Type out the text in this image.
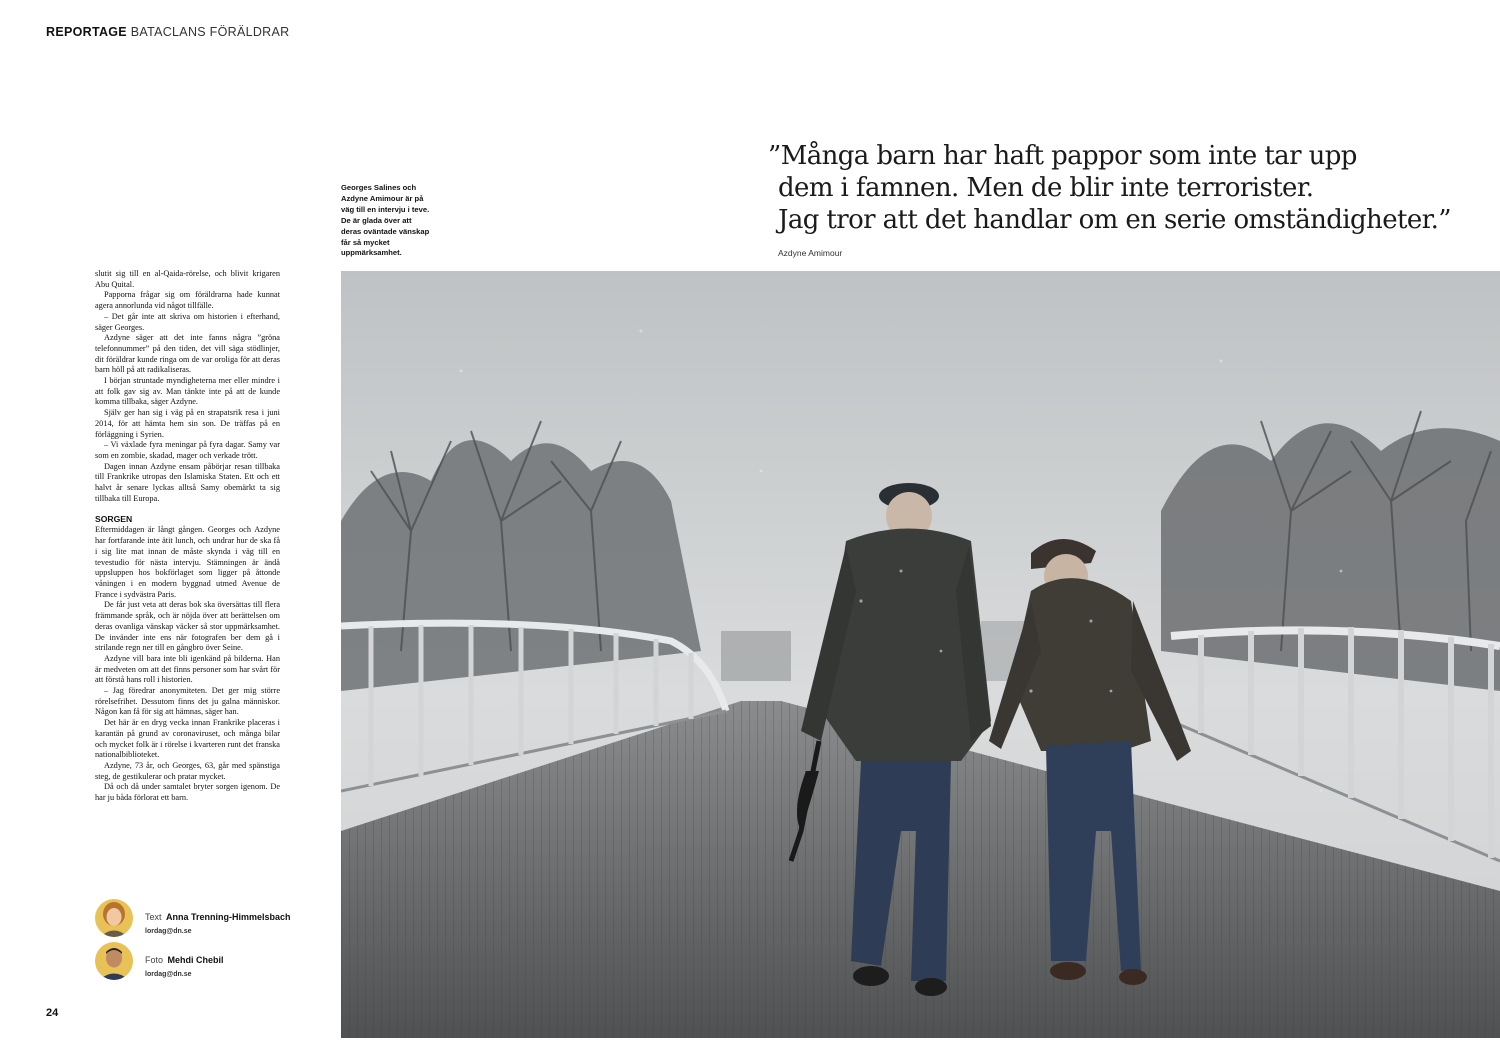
REPORTAGE BATACLANS FÖRÄLDRAR
Georges Salines och Azdyne Amimour är på väg till en intervju i teve. De är glada över att deras oväntade vänskap får så mycket uppmärksamhet.
”Många barn har haft pappor som inte tar upp
dem i famnen. Men de blir inte terrorister.
Jag tror att det handlar om en serie omständigheter.”
Azdyne Amimour

slutit sig till en al-Qaida-rörelse, och blivit krigaren Abu Quital.

Papporna frågar sig om föräldrarna hade kunnat agera annorlunda vid något tillfälle.

– Det går inte att skriva om historien i efterhand, säger Georges.

Azdyne säger att det inte fanns några ”gröna telefonnummer” på den tiden, det vill säga stödlinjer, dit föräldrar kunde ringa om de var oroliga för att deras barn höll på att radikaliseras.

I början struntade myndigheterna mer eller mindre i att folk gav sig av. Man tänkte inte på att de kunde komma tillbaka, säger Azdyne.

Själv ger han sig i väg på en strapatsrik resa i juni 2014, för att hämta hem sin son. De träffas på en förläggning i Syrien.

– Vi växlade fyra meningar på fyra dagar. Samy var som en zombie, skadad, mager och verkade trött.

Dagen innan Azdyne ensam påbörjar resan tillbaka till Frankrike utropas den Islamiska Staten. Ett och ett halvt år senare lyckas alltså Samy obemärkt ta sig tillbaka till Europa.

SORGEN

Eftermiddagen är långt gången. Georges och Azdyne har fortfarande inte ätit lunch, och undrar hur de ska få i sig lite mat innan de måste skynda i väg till en tevestudio för nästa intervju. Stämningen är ändå uppsluppen hos bokförlaget som ligger på åttonde våningen i en modern byggnad utmed Avenue de France i sydvästra Paris.

De får just veta att deras bok ska översättas till flera främmande språk, och är nöjda över att berättelsen om deras ovanliga vänskap väcker så stor uppmärksamhet. De invänder inte ens när fotografen ber dem gå i strilande regn ner till en gångbro över Seine.

Azdyne vill bara inte bli igenkänd på bilderna. Han är medveten om att det finns personer som har svårt för att förstå hans roll i historien.

– Jag föredrar anonymiteten. Det ger mig större rörelsefrihet. Dessutom finns det ju galna människor. Någon kan få för sig att hämnas, säger han.

Det här är en dryg vecka innan Frankrike placeras i karantän på grund av coronaviruset, och många bilar och mycket folk är i rörelse i kvarteren runt det franska nationalbiblioteket.

Azdyne, 73 år, och Georges, 63, går med spänstiga steg, de gestikulerar och pratar mycket.

Då och då under samtalet bryter sorgen igenom. De har ju båda förlorat ett barn.

Text Anna Trenning-Himmelsbach
lordag@dn.se
Foto Mehdi Chebil
lordag@dn.se
24
